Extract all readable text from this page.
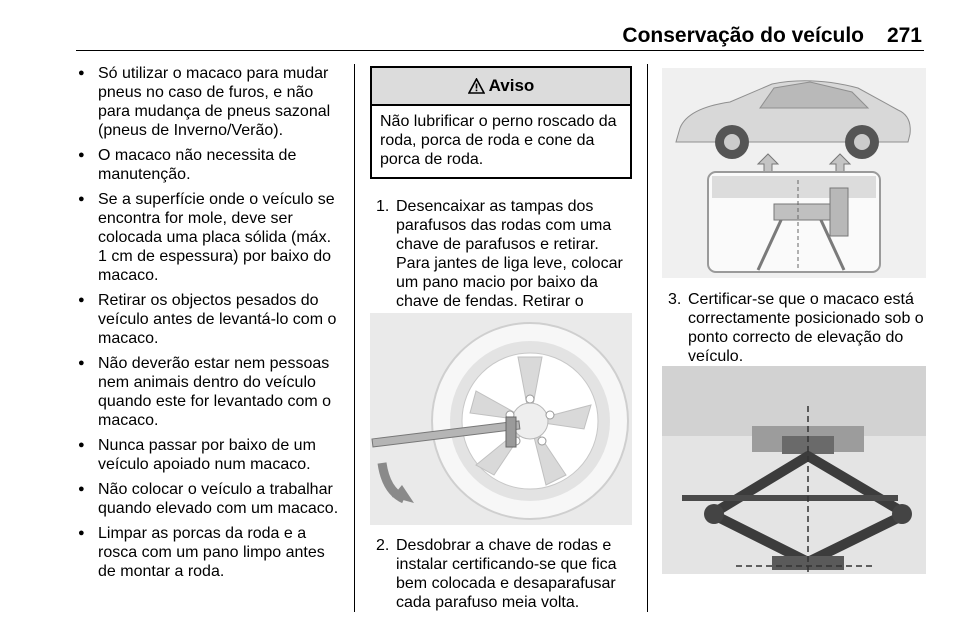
Conservação do veículo 271
● Só utilizar o macaco para mudar pneus no caso de furos, e não para mudança de pneus sazonal (pneus de Inverno/Verão).
● O macaco não necessita de manutenção.
● Se a superfície onde o veículo se encontra for mole, deve ser colocada uma placa sólida (máx. 1 cm de espessura) por baixo do macaco.
● Retirar os objectos pesados do veículo antes de levantá-lo com o macaco.
● Não deverão estar nem pessoas nem animais dentro do veículo quando este for levantado com o macaco.
● Nunca passar por baixo de um veículo apoiado num macaco.
● Não colocar o veículo a trabalhar quando elevado com um macaco.
● Limpar as porcas da roda e a rosca com um pano limpo antes de montar a roda.
Aviso
Não lubrificar o perno roscado da roda, porca de roda e cone da porca de roda.
1. Desencaixar as tampas dos parafusos das rodas com uma chave de parafusos e retirar. Para jantes de liga leve, colocar um pano macio por baixo da chave de fendas. Retirar o
2. Desdobrar a chave de rodas e instalar certificando-se que fica bem colocada e desaparafusar cada parafuso meia volta.
3. Certificar-se que o macaco está correctamente posicionado sob o ponto correcto de elevação do veículo.
